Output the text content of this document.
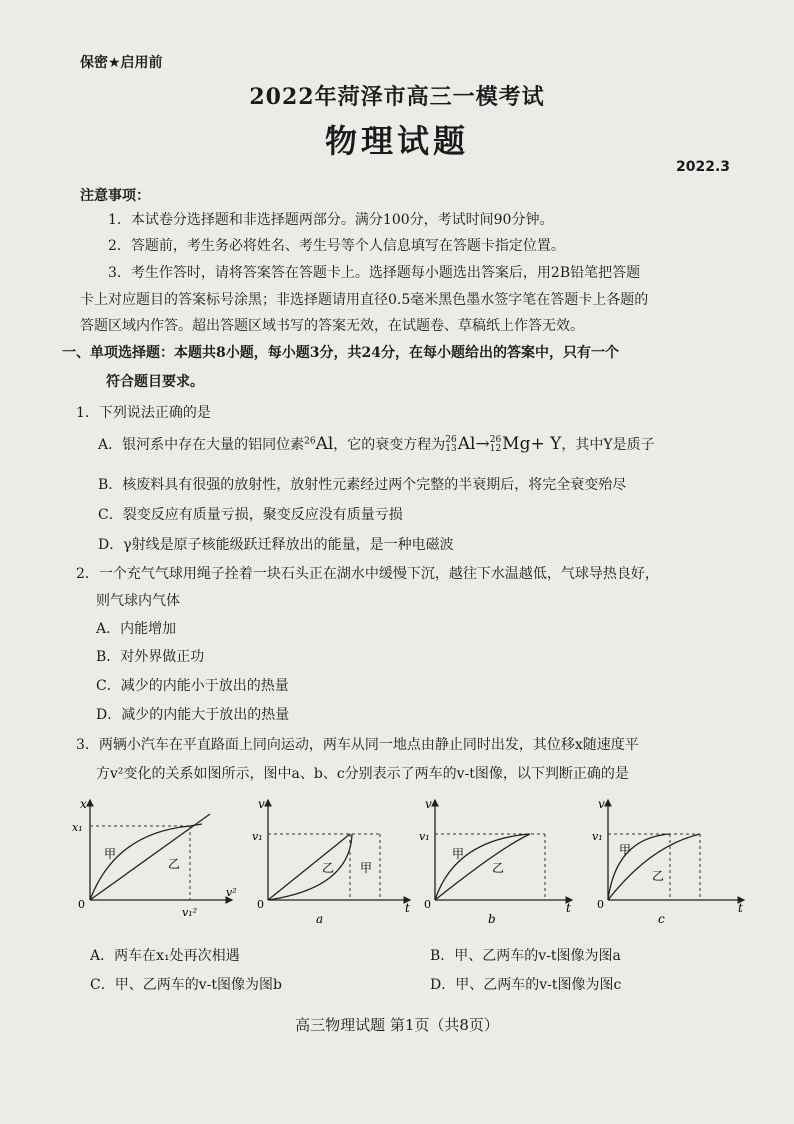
保密★启用前
2022年菏泽市高三一模考试
物理试题
2022.3
注意事项：
1．本试卷分选择题和非选择题两部分。满分100分，考试时间90分钟。
2．答题前，考生务必将姓名、考生号等个人信息填写在答题卡指定位置。
3．考生作答时，请将答案答在答题卡上。选择题每小题选出答案后，用2B铅笔把答题
卡上对应题目的答案标号涂黑；非选择题请用直径0.5毫米黑色墨水签字笔在答题卡上各题的
答题区域内作答。超出答题区域书写的答案无效，在试题卷、草稿纸上作答无效。
一、单项选择题：本题共8小题，每小题3分，共24分，在每小题给出的答案中，只有一个
符合题目要求。
1．下列说法正确的是
A．银河系中存在大量的铝同位素$^{26}$Al，它的衰变方程为26
13Al→26
12Mg+ Y，其中Y是质子
B．核废料具有很强的放射性，放射性元素经过两个完整的半衰期后，将完全衰变殆尽
C．裂变反应有质量亏损，聚变反应没有质量亏损
D．γ射线是原子核能级跃迁释放出的能量，是一种电磁波
2．一个充气气球用绳子拴着一块石头正在湖水中缓慢下沉，越往下水温越低，气球导热良好，
则气球内气体
A．内能增加
B．对外界做正功
C．减少的内能小于放出的热量
D．减少的内能大于放出的热量
3．两辆小汽车在平直路面上同向运动，两车从同一地点由静止同时出发，其位移x随速度平
方v²变化的关系如图所示，图中a、b、c分别表示了两车的v-t图像，以下判断正确的是
x
v²
x₁
v₁²
0
甲
乙
v
t
v₁
0
乙 甲
a
v
t
v₁
0
甲
乙
b
v
t
v₁
0
甲
乙
c
A．两车在x₁处再次相遇	B．甲、乙两车的v-t图像为图a
C．甲、乙两车的v-t图像为图b	D．甲、乙两车的v-t图像为图c
高三物理试题 第1页（共8页）
